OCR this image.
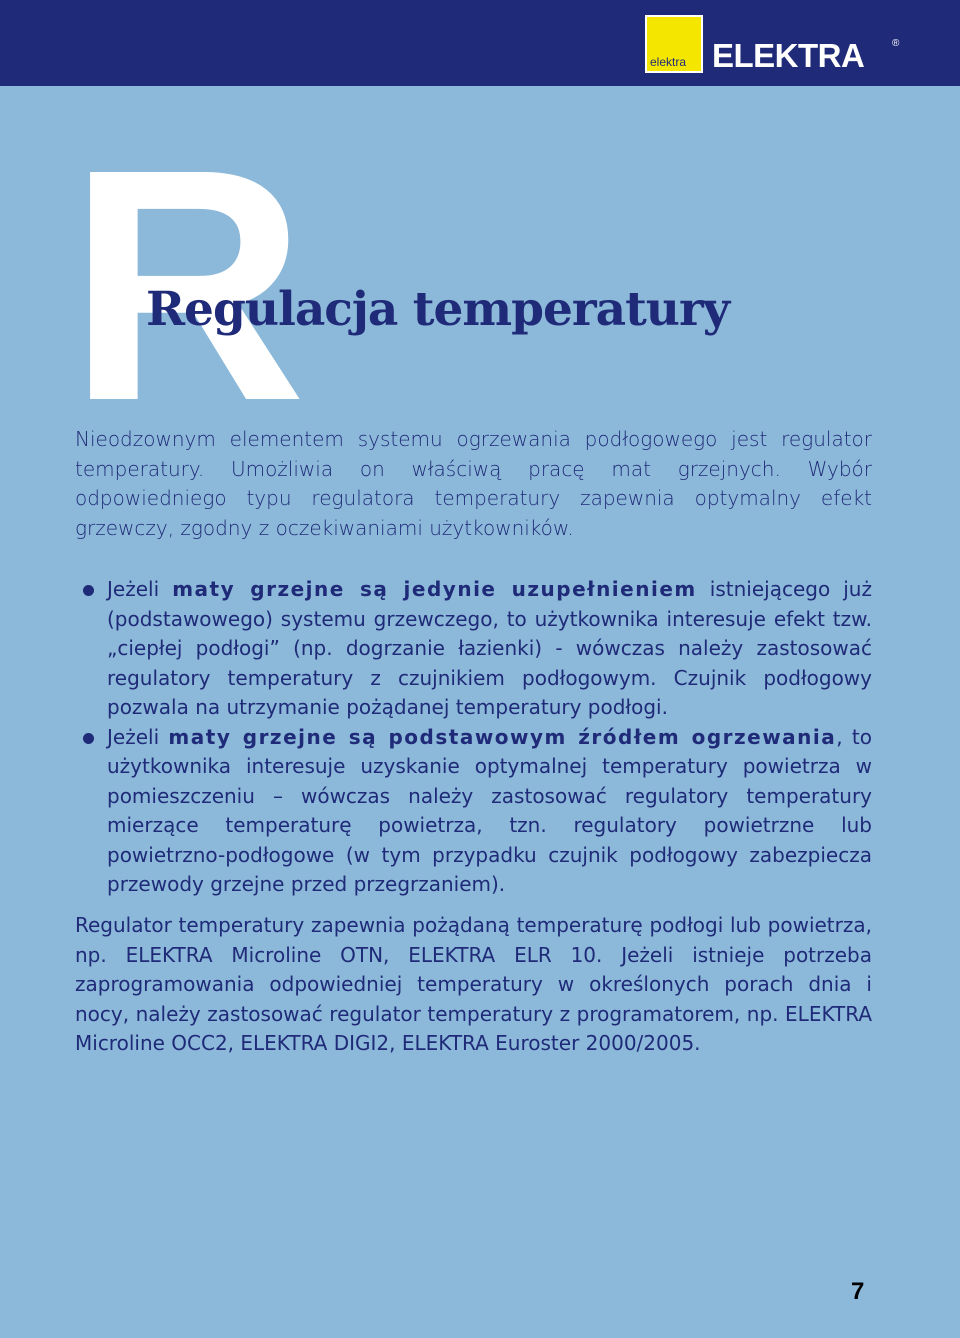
elektra ELEKTRA	®
R
Regulacja temperatury

Nieodzownym elementem systemu ogrzewania podłogowego jest regulator temperatury. Umożliwia on właściwą pracę mat grzejnych. Wybór odpowiedniego typu regulatora temperatury zapewnia optymalny efekt grzewczy, zgodny z oczekiwaniami użytkowników.

Jeżeli maty grzejne są jedynie uzupełnieniem istniejącego już (podstawowego) systemu grzewczego, to użytkownika interesuje efekt tzw. „ciepłej podłogi” (np. dogrzanie łazienki) - wówczas należy zastosować regulatory temperatury z czujnikiem podłogowym. Czujnik podłogowy pozwala na utrzymanie pożądanej temperatury podłogi.
Jeżeli maty grzejne są podstawowym źródłem ogrzewania, to użytkownika interesuje uzyskanie optymalnej temperatury powietrza w pomieszczeniu – wówczas należy zastosować regulatory temperatury mierzące temperaturę powietrza, tzn. regulatory powietrzne lub powietrzno-podłogowe (w tym przypadku czujnik podłogowy zabezpiecza przewody grzejne przed przegrzaniem).

Regulator temperatury zapewnia pożądaną temperaturę podłogi lub powietrza, np. ELEKTRA Microline OTN, ELEKTRA ELR 10. Jeżeli istnieje potrzeba zaprogramowania odpowiedniej temperatury w określonych porach dnia i nocy, należy zastosować regulator temperatury z programatorem, np. ELEKTRA Microline OCC2, ELEKTRA DIGI2, ELEKTRA Euroster 2000/2005.

7
